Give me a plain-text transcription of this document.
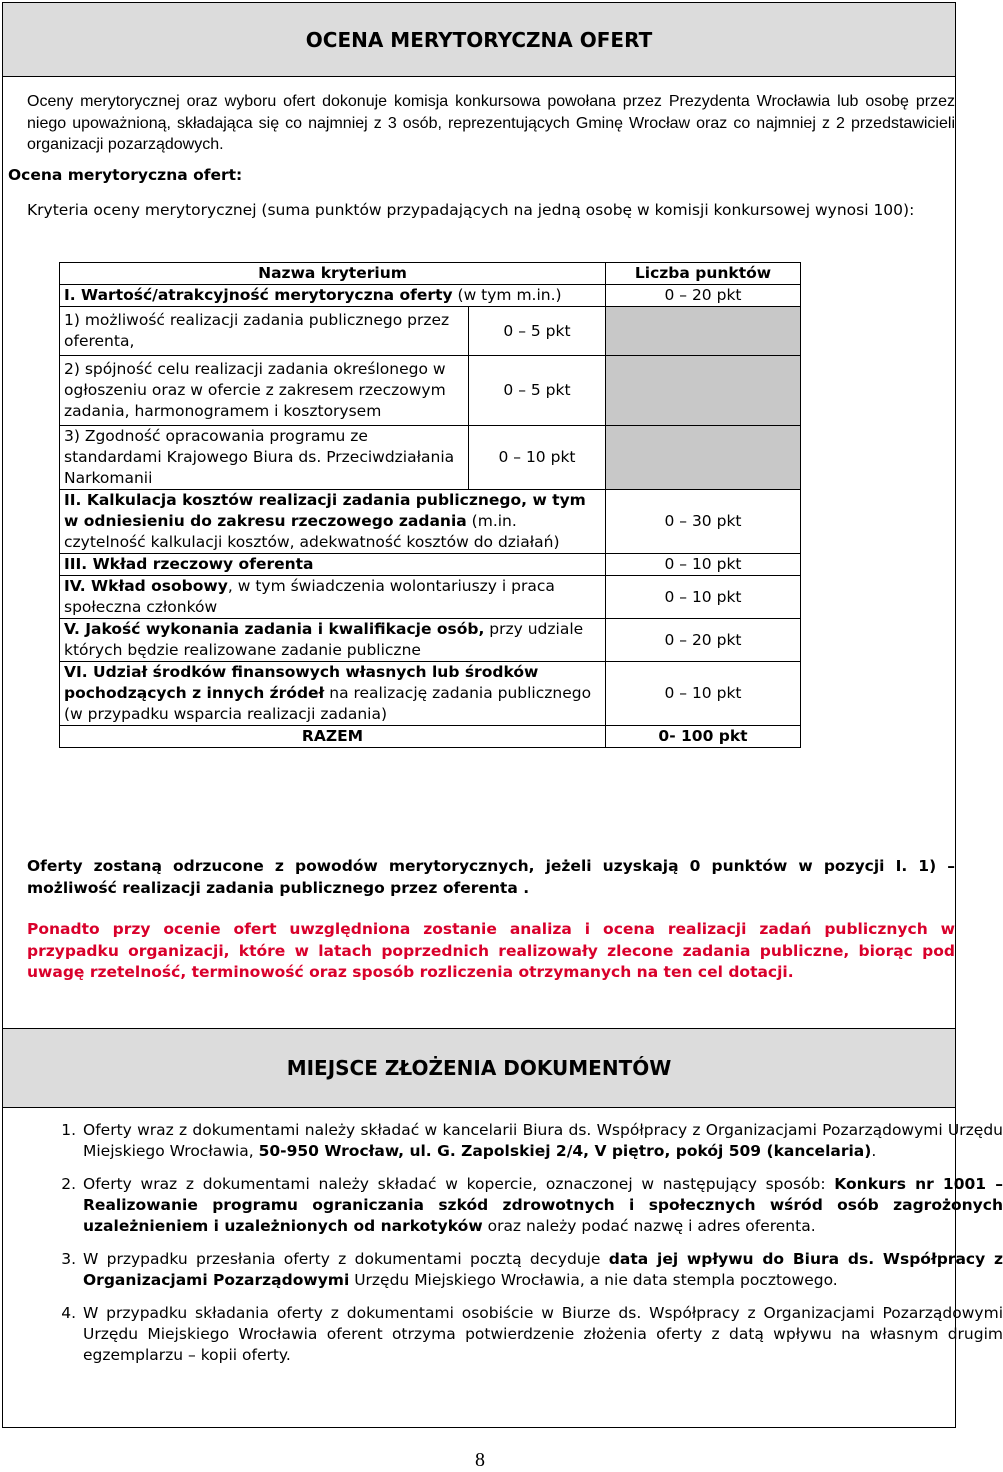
OCENA MERYTORYCZNA OFERT
Oceny merytorycznej oraz wyboru ofert dokonuje komisja konkursowa powołana przez Prezydenta Wrocławia lub osobę przez niego upoważnioną, składająca się co najmniej z 3 osób, reprezentujących Gminę Wrocław oraz co najmniej z 2 przedstawicieli organizacji pozarządowych.
Ocena merytoryczna ofert:
Kryteria oceny merytorycznej (suma punktów przypadających na jedną osobę w komisji konkursowej wynosi 100):
Nazwa kryterium		Liczba punktów
I. Wartość/atrakcyjność merytoryczna oferty (w tym m.in.)		0 – 20 pkt
1) możliwość realizacji zadania publicznego przez oferenta,	0 – 5 pkt	
2) spójność celu realizacji zadania określonego w ogłoszeniu oraz w ofercie z zakresem rzeczowym zadania, harmonogramem i kosztorysem	0 – 5 pkt	
3) Zgodność opracowania programu ze standardami Krajowego Biura ds. Przeciwdziałania Narkomanii	0 – 10 pkt	
II. Kalkulacja kosztów realizacji zadania publicznego, w tym w odniesieniu do zakresu rzeczowego zadania (m.in. czytelność kalkulacji kosztów, adekwatność kosztów do działań)		0 – 30 pkt
III. Wkład rzeczowy oferenta		0 – 10 pkt
IV. Wkład osobowy, w tym świadczenia wolontariuszy i praca społeczna członków		0 – 10 pkt
V. Jakość wykonania zadania i kwalifikacje osób, przy udziale których będzie realizowane zadanie publiczne		0 – 20 pkt
VI. Udział środków finansowych własnych lub środków pochodzących z innych źródeł na realizację zadania publicznego (w przypadku wsparcia realizacji zadania)		0 – 10 pkt
RAZEM		0- 100 pkt
Oferty zostaną odrzucone z powodów merytorycznych, jeżeli uzyskają 0 punktów w pozycji I. 1) – możliwość realizacji zadania publicznego przez oferenta .
Ponadto przy ocenie ofert uwzględniona zostanie analiza i ocena realizacji zadań publicznych w przypadku organizacji, które w latach poprzednich realizowały zlecone zadania publiczne, biorąc pod uwagę rzetelność, terminowość oraz sposób rozliczenia otrzymanych na ten cel dotacji.
MIEJSCE ZŁOŻENIA DOKUMENTÓW
1. Oferty wraz z dokumentami należy składać w kancelarii Biura ds. Współpracy z Organizacjami Pozarządowymi Urzędu Miejskiego Wrocławia, 50-950 Wrocław, ul. G. Zapolskiej 2/4, V piętro, pokój 509 (kancelaria).
2. Oferty wraz z dokumentami należy składać w kopercie, oznaczonej w następujący sposób: Konkurs nr 1001 – Realizowanie programu ograniczania szkód zdrowotnych i społecznych wśród osób zagrożonych uzależnieniem i uzależnionych od narkotyków oraz należy podać nazwę i adres oferenta.
3. W przypadku przesłania oferty z dokumentami pocztą decyduje data jej wpływu do Biura ds. Współpracy z Organizacjami Pozarządowymi Urzędu Miejskiego Wrocławia, a nie data stempla pocztowego.
4. W przypadku składania oferty z dokumentami osobiście w Biurze ds. Współpracy z Organizacjami Pozarządowymi Urzędu Miejskiego Wrocławia oferent otrzyma potwierdzenie złożenia oferty z datą wpływu na własnym drugim egzemplarzu – kopii oferty.
8
